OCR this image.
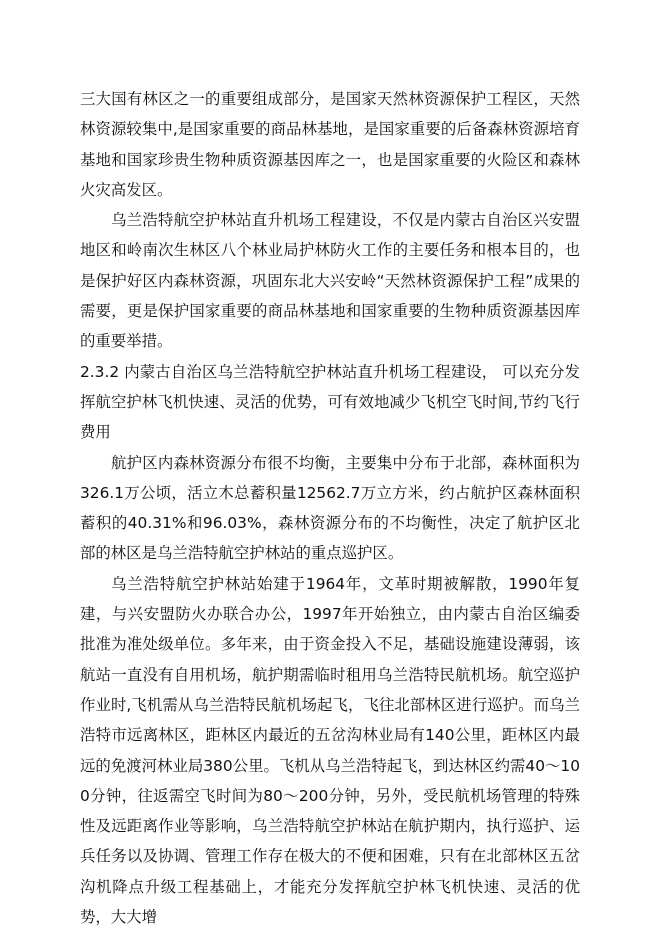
三大国有林区之一的重要组成部分，是国家天然林资源保护工程区，天然林资源较集中,是国家重要的商品林基地，是国家重要的后备森林资源培育基地和国家珍贵生物种质资源基因库之一，也是国家重要的火险区和森林火灾高发区。

乌兰浩特航空护林站直升机场工程建设，不仅是内蒙古自治区兴安盟地区和岭南次生林区八个林业局护林防火工作的主要任务和根本目的，也是保护好区内森林资源，巩固东北大兴安岭“天然林资源保护工程”成果的需要，更是保护国家重要的商品林基地和国家重要的生物种质资源基因库的重要举措。

2.3.2 内蒙古自治区乌兰浩特航空护林站直升机场工程建设， 可以充分发挥航空护林飞机快速、灵活的优势，可有效地减少飞机空飞时间,节约飞行费用

航护区内森林资源分布很不均衡，主要集中分布于北部，森林面积为326.1万公顷，活立木总蓄积量12562.7万立方米，约占航护区森林面积蓄积的40.31%和96.03%，森林资源分布的不均衡性，决定了航护区北部的林区是乌兰浩特航空护林站的重点巡护区。

乌兰浩特航空护林站始建于1964年，文革时期被解散，1990年复建，与兴安盟防火办联合办公，1997年开始独立，由内蒙古自治区编委批准为准处级单位。多年来，由于资金投入不足，基础设施建设薄弱，该航站一直没有自用机场，航护期需临时租用乌兰浩特民航机场。航空巡护作业时,飞机需从乌兰浩特民航机场起飞，飞往北部林区进行巡护。而乌兰浩特市远离林区，距林区内最近的五岔沟林业局有140公里，距林区内最远的免渡河林业局380公里。飞机从乌兰浩特起飞，到达林区约需40～100分钟，往返需空飞时间为80～200分钟，另外，受民航机场管理的特殊性及远距离作业等影响，乌兰浩特航空护林站在航护期内，执行巡护、运兵任务以及协调、管理工作存在极大的不便和困难，只有在北部林区五岔沟机降点升级工程基础上，才能充分发挥航空护林飞机快速、灵活的优势，大大增
